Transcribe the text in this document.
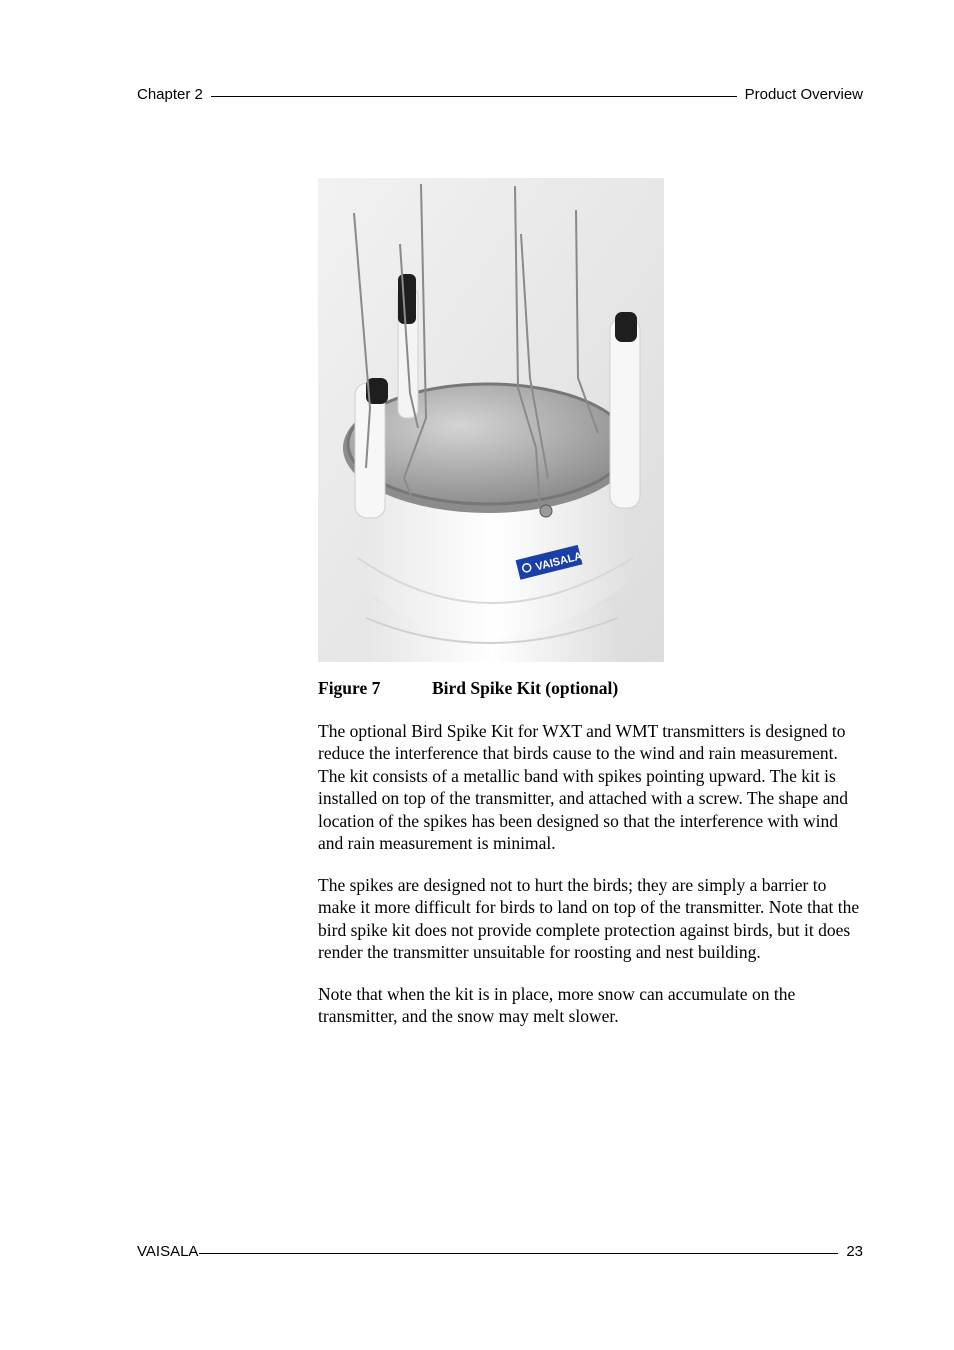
Chapter 2	Product Overview
VAISALA
Figure 7	Bird Spike Kit (optional)

The optional Bird Spike Kit for WXT and WMT transmitters is designed to reduce the interference that birds cause to the wind and rain measurement. The kit consists of a metallic band with spikes pointing upward. The kit is installed on top of the transmitter, and attached with a screw. The shape and location of the spikes has been designed so that the interference with wind and rain measurement is minimal.

The spikes are designed not to hurt the birds; they are simply a barrier to make it more difficult for birds to land on top of the transmitter. Note that the bird spike kit does not provide complete protection against birds, but it does render the transmitter unsuitable for roosting and nest building.

Note that when the kit is in place, more snow can accumulate on the transmitter, and the snow may melt slower.

VAISALA	23
